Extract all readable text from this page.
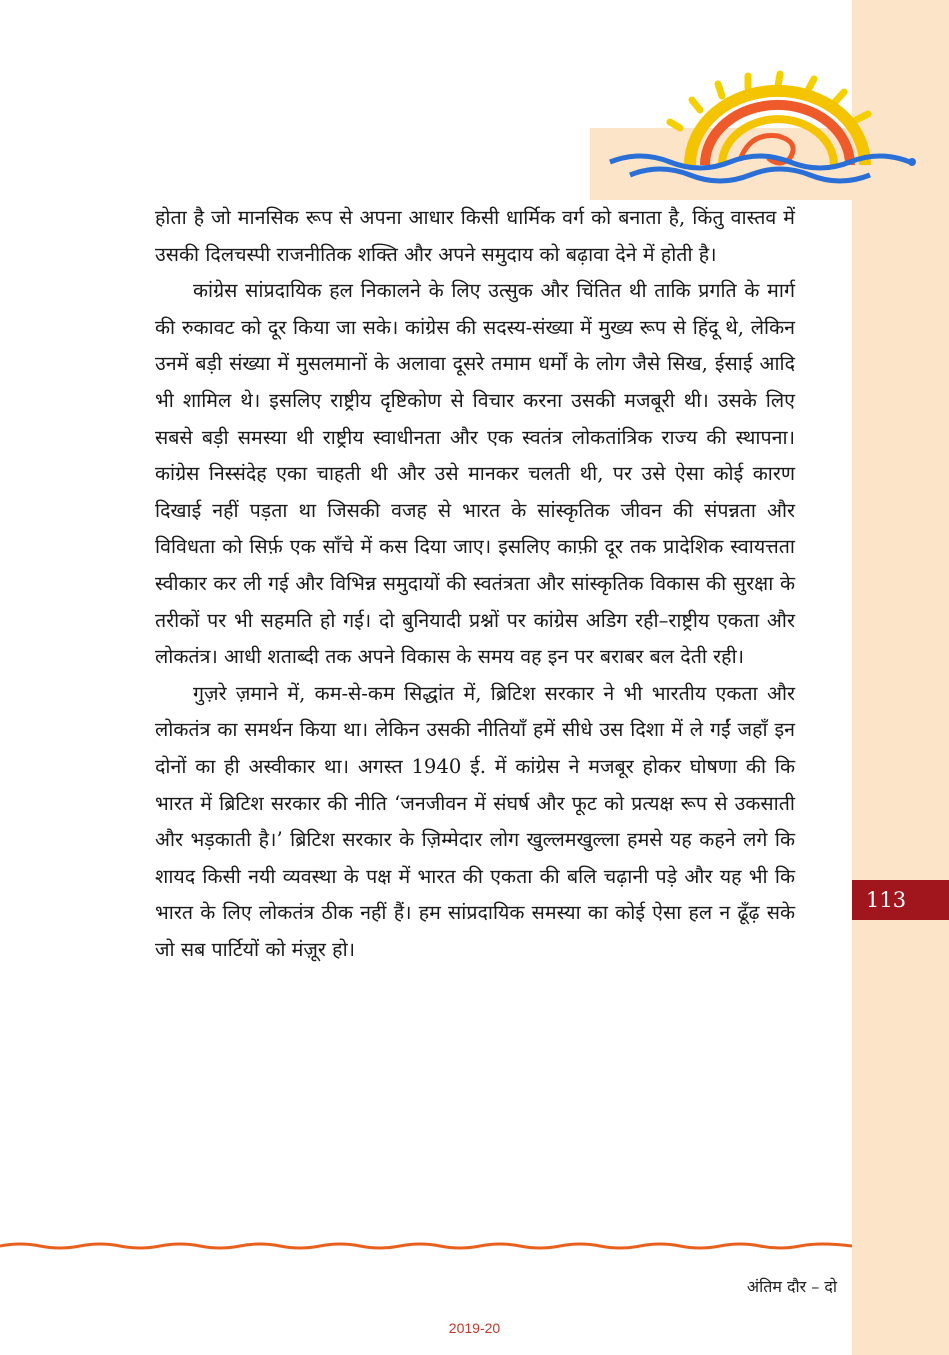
113

होता है जो मानसिक रूप से अपना आधार किसी धार्मिक वर्ग को बनाता है, किंतु वास्तव में उसकी दिलचस्पी राजनीतिक शक्ति और अपने समुदाय को बढ़ावा देने में होती है।

कांग्रेस सांप्रदायिक हल निकालने के लिए उत्सुक और चिंतित थी ताकि प्रगति के मार्ग की रुकावट को दूर किया जा सके। कांग्रेस की सदस्य-संख्या में मुख्य रूप से हिंदू थे, लेकिन उनमें बड़ी संख्या में मुसलमानों के अलावा दूसरे तमाम धर्मों के लोग जैसे सिख, ईसाई आदि भी शामिल थे। इसलिए राष्ट्रीय दृष्टिकोण से विचार करना उसकी मजबूरी थी। उसके लिए सबसे बड़ी समस्या थी राष्ट्रीय स्वाधीनता और एक स्वतंत्र लोकतांत्रिक राज्य की स्थापना। कांग्रेस निस्संदेह एका चाहती थी और उसे मानकर चलती थी, पर उसे ऐसा कोई कारण दिखाई नहीं पड़ता था जिसकी वजह से भारत के सांस्कृतिक जीवन की संपन्नता और विविधता को सिर्फ़ एक साँचे में कस दिया जाए। इसलिए काफ़ी दूर तक प्रादेशिक स्वायत्तता स्वीकार कर ली गई और विभिन्न समुदायों की स्वतंत्रता और सांस्कृतिक विकास की सुरक्षा के तरीकों पर भी सहमति हो गई। दो बुनियादी प्रश्नों पर कांग्रेस अडिग रही–राष्ट्रीय एकता और लोकतंत्र। आधी शताब्दी तक अपने विकास के समय वह इन पर बराबर बल देती रही।

गुज़रे ज़माने में, कम-से-कम सिद्धांत में, ब्रिटिश सरकार ने भी भारतीय एकता और लोकतंत्र का समर्थन किया था। लेकिन उसकी नीतियाँ हमें सीधे उस दिशा में ले गईं जहाँ इन दोनों का ही अस्वीकार था। अगस्त 1940 ई. में कांग्रेस ने मजबूर होकर घोषणा की कि भारत में ब्रिटिश सरकार की नीति ‘जनजीवन में संघर्ष और फूट को प्रत्यक्ष रूप से उकसाती और भड़काती है।’ ब्रिटिश सरकार के ज़िम्मेदार लोग खुल्लमखुल्ला हमसे यह कहने लगे कि शायद किसी नयी व्यवस्था के पक्ष में भारत की एकता की बलि चढ़ानी पड़े और यह भी कि भारत के लिए लोकतंत्र ठीक नहीं हैं। हम सांप्रदायिक समस्या का कोई ऐसा हल न ढूँढ़ सके जो सब पार्टियों को मंज़ूर हो।

अंतिम दौर – दो
2019-20
